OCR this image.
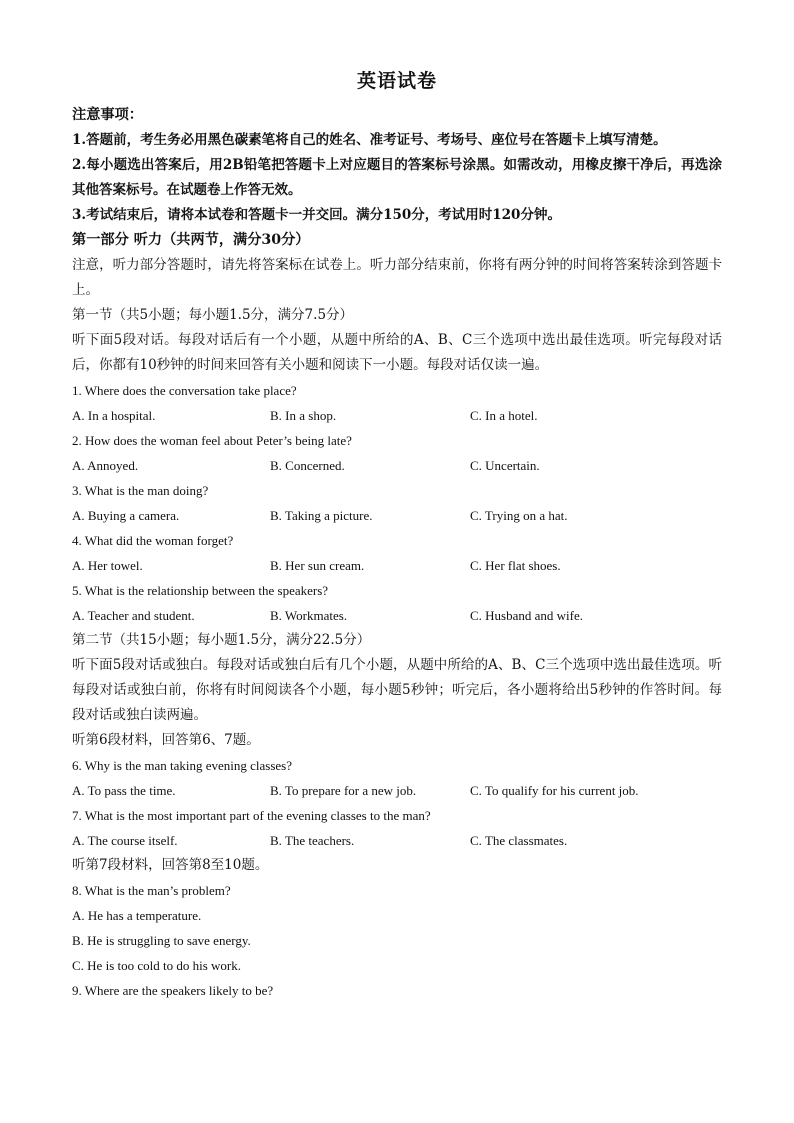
英语试卷

注意事项：

1.答题前，考生务必用黑色碳素笔将自己的姓名、准考证号、考场号、座位号在答题卡上填写清楚。

2.每小题选出答案后，用2B铅笔把答题卡上对应题目的答案标号涂黑。如需改动，用橡皮擦干净后，再选涂其他答案标号。在试题卷上作答无效。

3.考试结束后，请将本试卷和答题卡一并交回。满分150分，考试用时120分钟。

第一部分 听力（共两节，满分30分）

注意，听力部分答题时，请先将答案标在试卷上。听力部分结束前，你将有两分钟的时间将答案转涂到答题卡上。

第一节（共5小题；每小题1.5分，满分7.5分）

听下面5段对话。每段对话后有一个小题，从题中所给的A、B、C三个选项中选出最佳选项。听完每段对话后，你都有10秒钟的时间来回答有关小题和阅读下一小题。每段对话仅读一遍。

1. Where does the conversation take place?

A. In a hospital.	B. In a shop.	C. In a hotel.

2. How does the woman feel about Peter’s being late?

A. Annoyed.	B. Concerned.	C. Uncertain.

3. What is the man doing?

A. Buying a camera.	B. Taking a picture.	C. Trying on a hat.

4. What did the woman forget?

A. Her towel.	B. Her sun cream.	C. Her flat shoes.

5. What is the relationship between the speakers?

A. Teacher and student.	B. Workmates.	C. Husband and wife.

第二节（共15小题；每小题1.5分，满分22.5分）

听下面5段对话或独白。每段对话或独白后有几个小题，从题中所给的A、B、C三个选项中选出最佳选项。听每段对话或独白前，你将有时间阅读各个小题，每小题5秒钟；听完后，各小题将给出5秒钟的作答时间。每段对话或独白读两遍。

听第6段材料，回答第6、7题。

6. Why is the man taking evening classes?

A. To pass the time.	B. To prepare for a new job.	C. To qualify for his current job.

7. What is the most important part of the evening classes to the man?

A. The course itself.	B. The teachers.	C. The classmates.

听第7段材料，回答第8至10题。

8. What is the man’s problem?

A. He has a temperature.

B. He is struggling to save energy.

C. He is too cold to do his work.

9. Where are the speakers likely to be?
